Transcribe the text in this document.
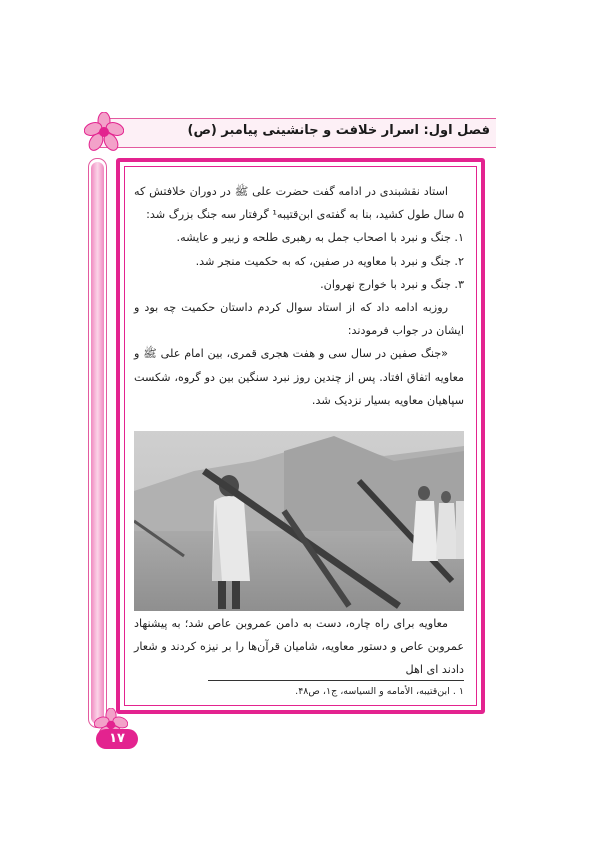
فصل اول: اسرار خلافت و جانشینی پیامبر (ص)

استاد نقشبندی در ادامه گفت حضرت علی ﷺ در دوران خلافتش که ۵ سال طول کشید، بنا به گفته‌ی ابن‌قتیبه¹ گرفتار سه جنگ بزرگ شد:

۱. جنگ و نبرد با اصحاب جمل به رهبری طلحه و زبیر و عایشه.

۲. جنگ و نبرد با معاویه در صفین، که به حکمیت منجر شد.

۳. جنگ و نبرد با خوارج نهروان.

روزبه ادامه داد که از استاد سوال کردم داستان حکمیت چه بود و ایشان در جواب فرمودند:

«جنگ صفین در سال سی و هفت هجری قمری، بین امام علی ﷺ و معاویه اتفاق افتاد. پس از چندین روز نبرد سنگین بین دو گروه، شکست سپاهیان معاویه بسیار نزدیک شد.

معاویه برای راه چاره، دست به دامن عمروبن عاص شد؛ به پیشنهاد عمروبن عاص و دستور معاویه، شامیان قرآن‌ها را بر نیزه کردند و شعار دادند ای اهل

۱ . ابن‌قتیبه، الأمامه و السیاسه، ج۱، ص۴۸.
۱۷
